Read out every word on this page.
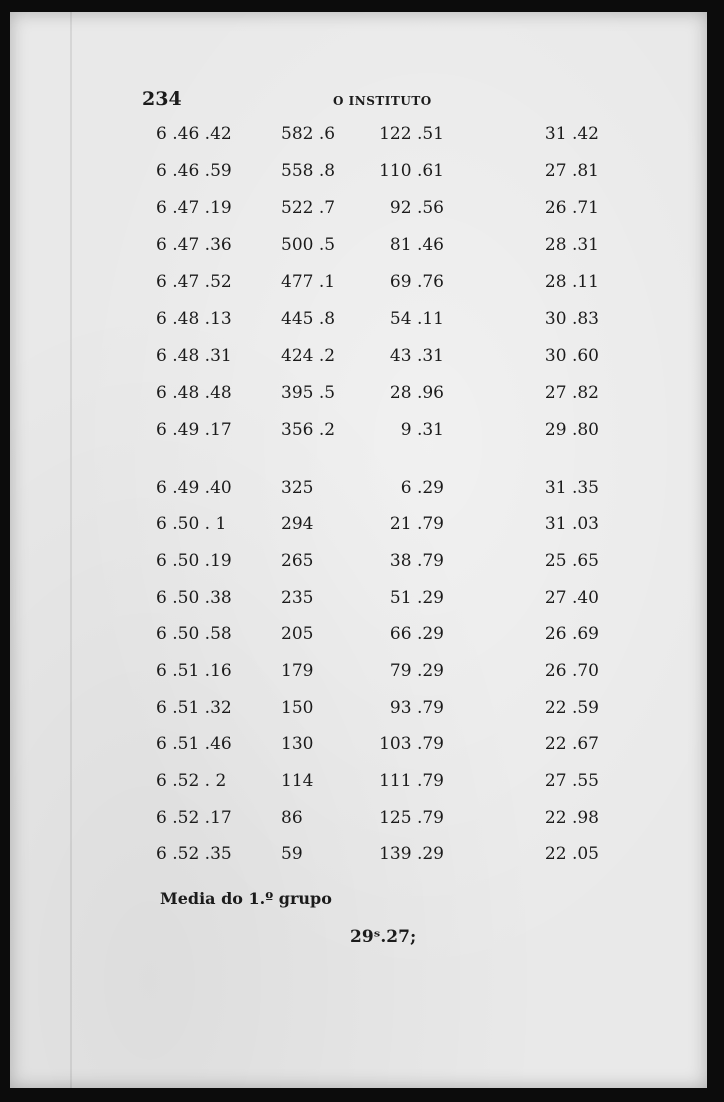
234	O INSTITUTO
6 .46 .42	582 .6	122 .51	31 .42
6 .46 .59	558 .8	110 .61	27 .81
6 .47 .19	522 .7	92 .56	26 .71
6 .47 .36	500 .5	81 .46	28 .31
6 .47 .52	477 .1	69 .76	28 .11
6 .48 .13	445 .8	54 .11	30 .83
6 .48 .31	424 .2	43 .31	30 .60
6 .48 .48	395 .5	28 .96	27 .82
6 .49 .17	356 .2	9 .31	29 .80
6 .49 .40	325	6 .29	31 .35
6 .50 . 1	294	21 .79	31 .03
6 .50 .19	265	38 .79	25 .65
6 .50 .38	235	51 .29	27 .40
6 .50 .58	205	66 .29	26 .69
6 .51 .16	179	79 .29	26 .70
6 .51 .32	150	93 .79	22 .59
6 .51 .46	130	103 .79	22 .67
6 .52 . 2	114	111 .79	27 .55
6 .52 .17	86	125 .79	22 .98
6 .52 .35	59	139 .29	22 .05
Media do 1.º grupo
29ˢ.27;
